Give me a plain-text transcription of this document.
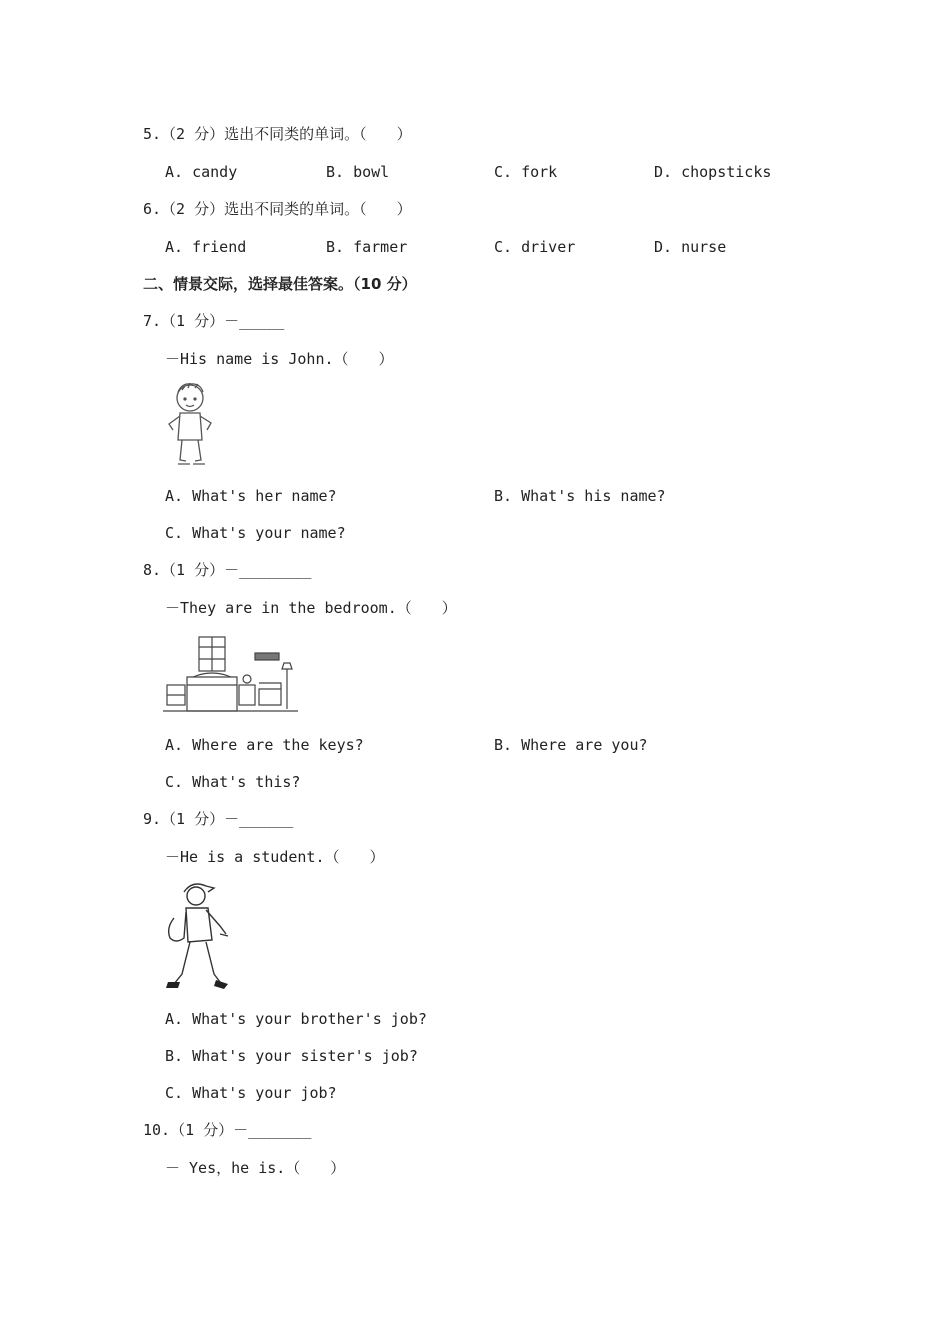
5.（2 分）选出不同类的单词。（　　）
A. candy	B. bowl	C. fork	D. chopsticks
6.（2 分）选出不同类的单词。（　　）
A. friend	B. farmer	C. driver	D. nurse
二、情景交际，选择最佳答案。（10 分）
7.（1 分）－_____
－His name is John.（　　）
A. What's her name?	B. What's his name?
C. What's your name?
8.（1 分）－________
－They are in the bedroom.（　　）
A. Where are the keys?	B. Where are you?
C. What's this?
9.（1 分）－______
－He is a student.（　　）
A. What's your brother's job?
B. What's your sister's job?
C. What's your job?
10.（1 分）－_______
－ Yes，he is.（　　）
